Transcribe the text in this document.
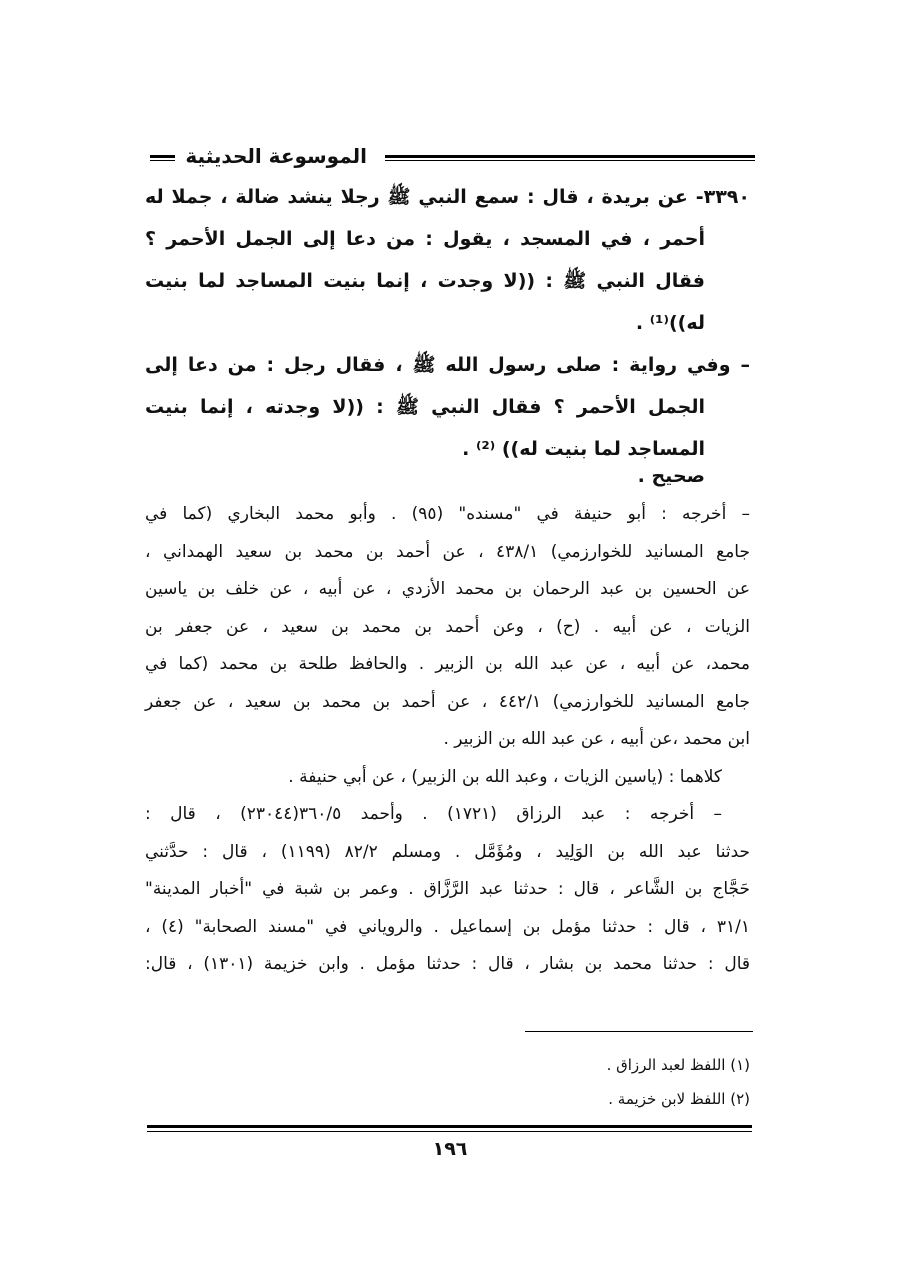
الموسوعة الحديثية
٣٣٩٠- عن بريدة ، قال : سمع النبي ﷺ رجلا ينشد ضالة ، جملا له
أحمر ، في المسجد ، يقول : من دعا إلى الجمل الأحمر ؟
فقال النبي ﷺ : ((لا وجدت ، إنما بنيت المساجد لما بنيت
له))⁽¹⁾ .
– وفي رواية : صلى رسول الله ﷺ ، فقال رجل : من دعا إلى
الجمل الأحمر ؟ فقال النبي ﷺ : ((لا وجدته ، إنما بنيت
المساجد لما بنيت له)) ⁽²⁾ .
صحيح .
– أخرجه : أبو حنيفة في "مسنده" (٩٥) . وأبو محمد البخاري (كما في
جامع المسانيد للخوارزمي) ٤٣٨/١ ، عن أحمد بن محمد بن سعيد الهمداني ،
عن الحسين بن عبد الرحمان بن محمد الأزدي ، عن أبيه ، عن خلف بن ياسين
الزيات ، عن أبيه . (ح) ، وعن أحمد بن محمد بن سعيد ، عن جعفر بن
محمد، عن أبيه ، عن عبد الله بن الزبير . والحافظ طلحة بن محمد (كما في
جامع المسانيد للخوارزمي) ٤٤٢/١ ، عن أحمد بن محمد بن سعيد ، عن جعفر
ابن محمد ،عن أبيه ، عن عبد الله بن الزبير .
كلاهما : (ياسين الزيات ، وعبد الله بن الزبير) ، عن أبي حنيفة .
– أخرجه : عبد الرزاق (١٧٢١) . وأحمد ٣٦٠/٥(٢٣٠٤٤) ، قال :
حدثنا عبد الله بن الوَلِيد ، ومُؤَمَّل . ومسلم ٨٢/٢ (١١٩٩) ، قال : حدَّثني
حَجَّاج بن الشَّاعر ، قال : حدثنا عبد الرَّزَّاق . وعمر بن شبة في "أخبار المدينة"
٣١/١ ، قال : حدثنا مؤمل بن إسماعيل . والروياني في "مسند الصحابة" (٤) ،
قال : حدثنا محمد بن بشار ، قال : حدثنا مؤمل . وابن خزيمة (١٣٠١) ، قال:
(١) اللفظ لعبد الرزاق .
(٢) اللفظ لابن خزيمة .
١٩٦
